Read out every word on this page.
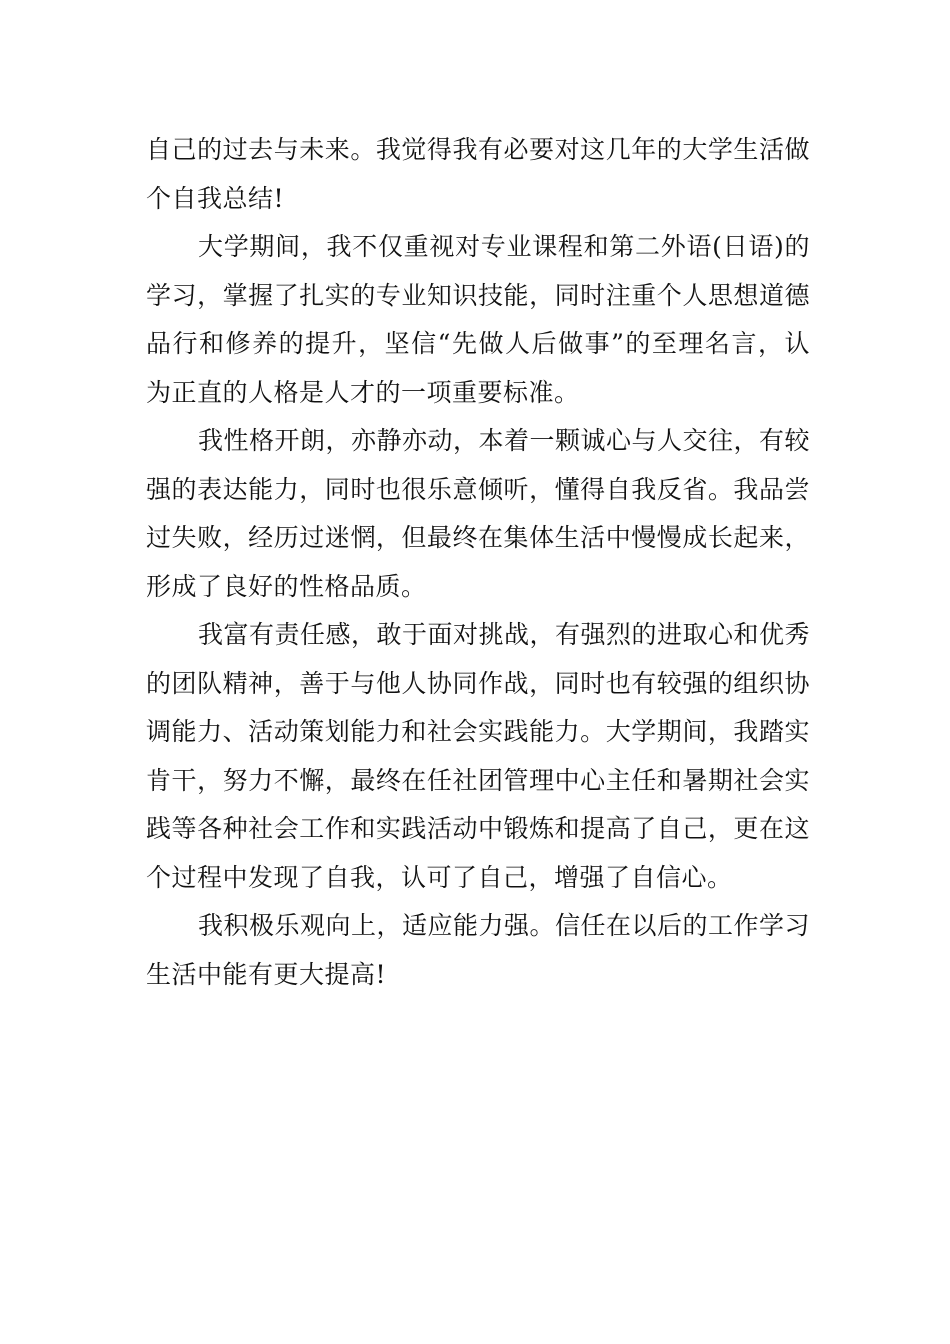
自己的过去与未来。我觉得我有必要对这几年的大学生活做个自我总结!

大学期间，我不仅重视对专业课程和第二外语(日语)的学习，掌握了扎实的专业知识技能，同时注重个人思想道德品行和修养的提升，坚信“先做人后做事”的至理名言，认为正直的人格是人才的一项重要标准。

我性格开朗，亦静亦动，本着一颗诚心与人交往，有较强的表达能力，同时也很乐意倾听，懂得自我反省。我品尝过失败，经历过迷惘，但最终在集体生活中慢慢成长起来，形成了良好的性格品质。

我富有责任感，敢于面对挑战，有强烈的进取心和优秀的团队精神，善于与他人协同作战，同时也有较强的组织协调能力、活动策划能力和社会实践能力。大学期间，我踏实肯干，努力不懈，最终在任社团管理中心主任和暑期社会实践等各种社会工作和实践活动中锻炼和提高了自己，更在这个过程中发现了自我，认可了自己，增强了自信心。

我积极乐观向上，适应能力强。信任在以后的工作学习生活中能有更大提高!
